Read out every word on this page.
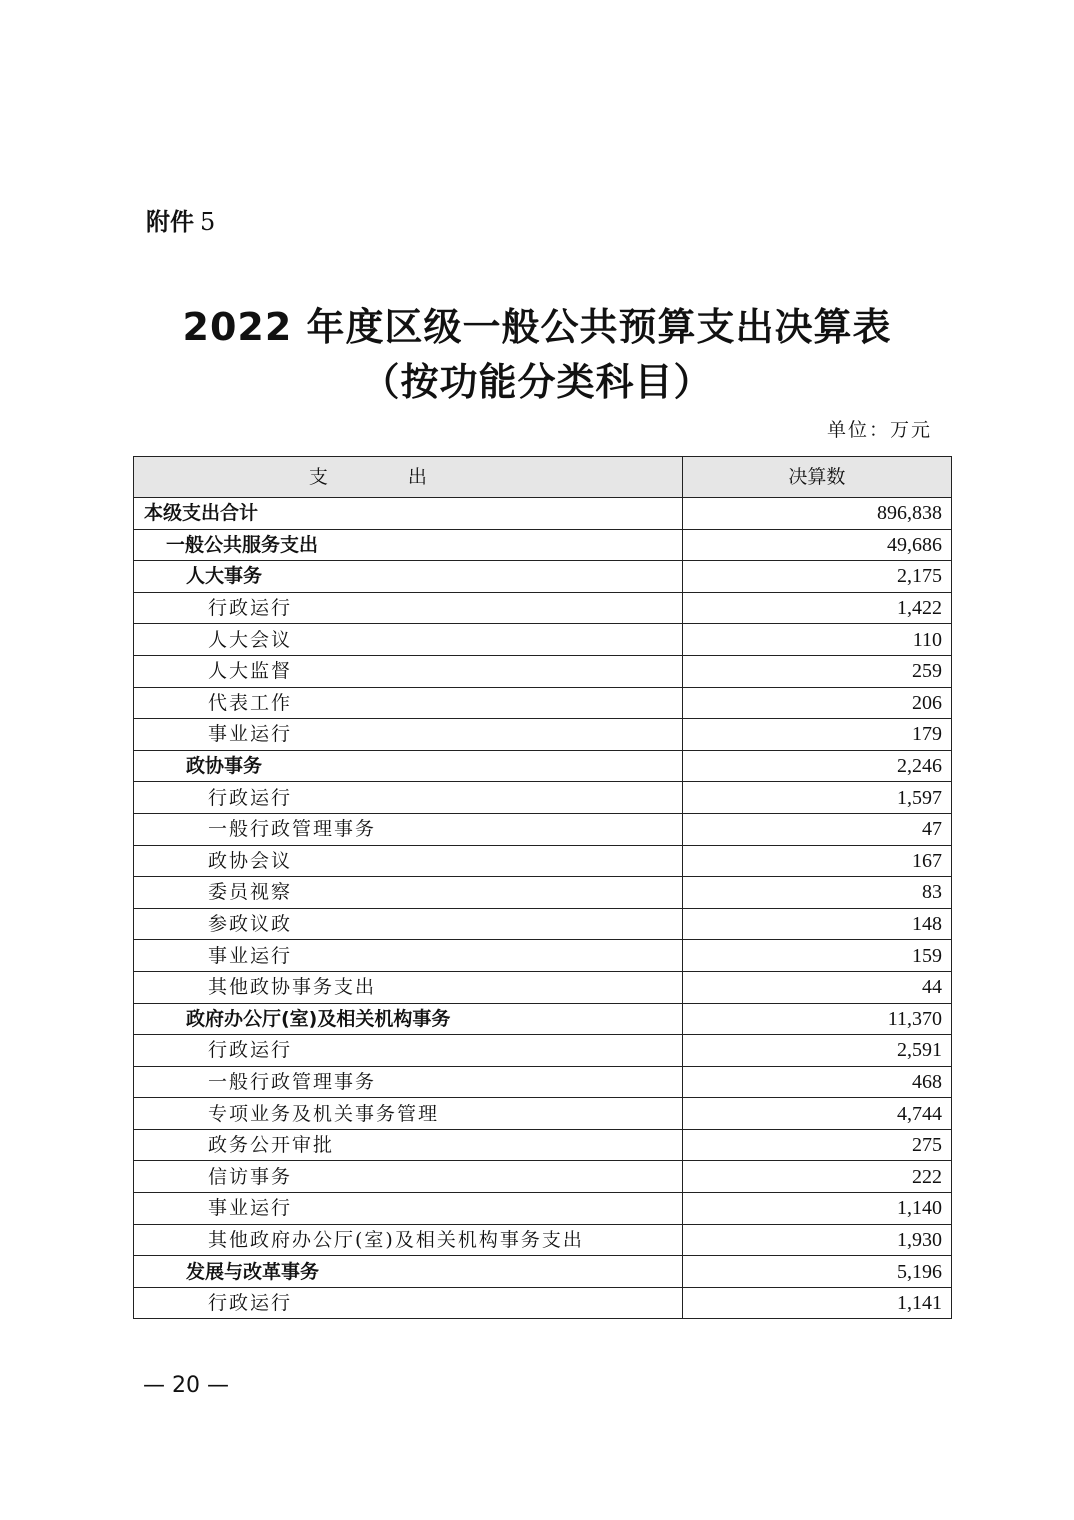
附件 5
2022 年度区级一般公共预算支出决算表
（按功能分类科目）
单位：万元
支出	决算数
本级支出合计	896,838
一般公共服务支出	49,686
人大事务	2,175
行政运行	1,422
人大会议	110
人大监督	259
代表工作	206
事业运行	179
政协事务	2,246
行政运行	1,597
一般行政管理事务	47
政协会议	167
委员视察	83
参政议政	148
事业运行	159
其他政协事务支出	44
政府办公厅(室)及相关机构事务	11,370
行政运行	2,591
一般行政管理事务	468
专项业务及机关事务管理	4,744
政务公开审批	275
信访事务	222
事业运行	1,140
其他政府办公厅(室)及相关机构事务支出	1,930
发展与改革事务	5,196
行政运行	1,141
— 20 —
